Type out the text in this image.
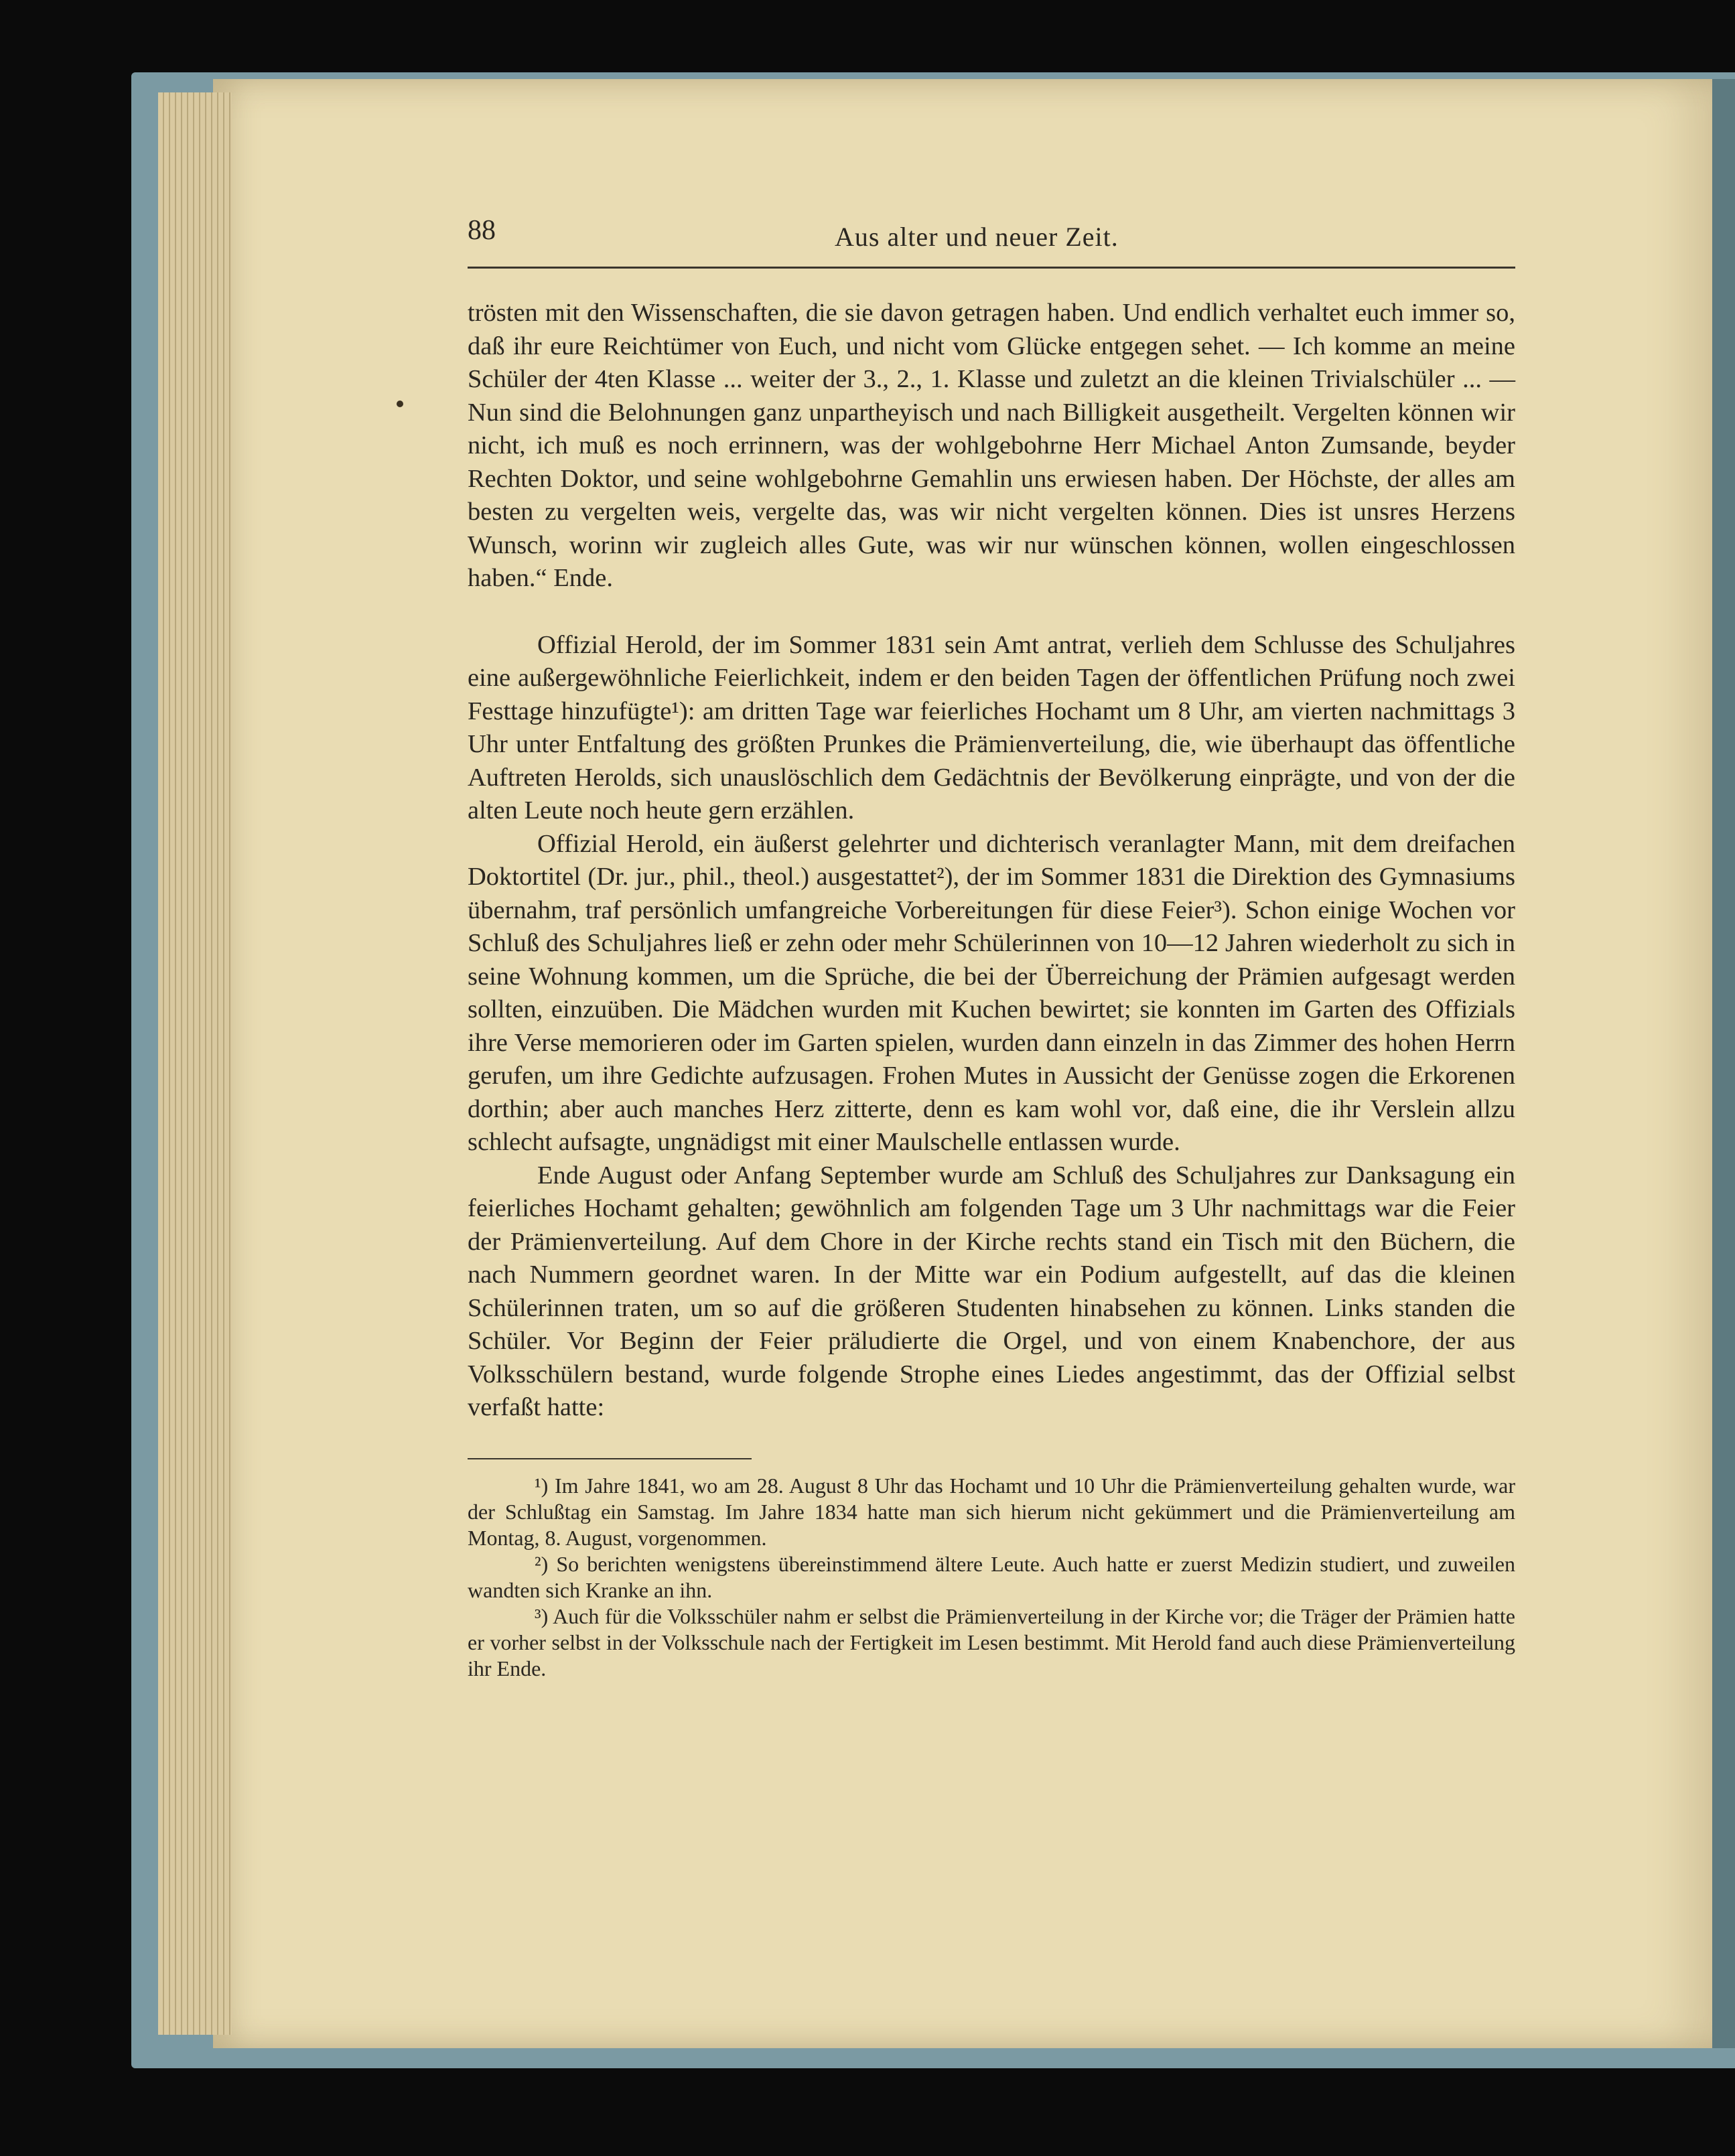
88	Aus alter und neuer Zeit.

trösten mit den Wissenschaften, die sie davon getragen haben. Und endlich verhaltet euch immer so, daß ihr eure Reichtümer von Euch, und nicht vom Glücke entgegen sehet. — Ich komme an meine Schüler der 4ten Klasse ... weiter der 3., 2., 1. Klasse und zuletzt an die kleinen Trivialschüler ... — Nun sind die Belohnungen ganz unpartheyisch und nach Billigkeit ausgetheilt. Vergelten können wir nicht, ich muß es noch errinnern, was der wohlgebohrne Herr Michael Anton Zumsande, beyder Rechten Doktor, und seine wohlgebohrne Gemahlin uns erwiesen haben. Der Höchste, der alles am besten zu vergelten weis, vergelte das, was wir nicht vergelten können. Dies ist unsres Herzens Wunsch, worinn wir zugleich alles Gute, was wir nur wünschen können, wollen eingeschlossen haben.“ Ende.

Offizial Herold, der im Sommer 1831 sein Amt antrat, verlieh dem Schlusse des Schuljahres eine außergewöhnliche Feierlichkeit, indem er den beiden Tagen der öffentlichen Prüfung noch zwei Festtage hinzufügte¹): am dritten Tage war feierliches Hochamt um 8 Uhr, am vierten nachmittags 3 Uhr unter Entfaltung des größten Prunkes die Prämienverteilung, die, wie überhaupt das öffentliche Auftreten Herolds, sich unauslöschlich dem Gedächtnis der Bevölkerung einprägte, und von der die alten Leute noch heute gern erzählen.

Offizial Herold, ein äußerst gelehrter und dichterisch veranlagter Mann, mit dem dreifachen Doktortitel (Dr. jur., phil., theol.) ausgestattet²), der im Sommer 1831 die Direktion des Gymnasiums übernahm, traf persönlich umfangreiche Vorbereitungen für diese Feier³). Schon einige Wochen vor Schluß des Schuljahres ließ er zehn oder mehr Schülerinnen von 10—12 Jahren wiederholt zu sich in seine Wohnung kommen, um die Sprüche, die bei der Überreichung der Prämien aufgesagt werden sollten, einzuüben. Die Mädchen wurden mit Kuchen bewirtet; sie konnten im Garten des Offizials ihre Verse memorieren oder im Garten spielen, wurden dann einzeln in das Zimmer des hohen Herrn gerufen, um ihre Gedichte aufzusagen. Frohen Mutes in Aussicht der Genüsse zogen die Erkorenen dorthin; aber auch manches Herz zitterte, denn es kam wohl vor, daß eine, die ihr Verslein allzu schlecht aufsagte, ungnädigst mit einer Maulschelle entlassen wurde.

Ende August oder Anfang September wurde am Schluß des Schuljahres zur Danksagung ein feierliches Hochamt gehalten; gewöhnlich am folgenden Tage um 3 Uhr nachmittags war die Feier der Prämienverteilung. Auf dem Chore in der Kirche rechts stand ein Tisch mit den Büchern, die nach Nummern geordnet waren. In der Mitte war ein Podium aufgestellt, auf das die kleinen Schülerinnen traten, um so auf die größeren Studenten hinabsehen zu können. Links standen die Schüler. Vor Beginn der Feier präludierte die Orgel, und von einem Knabenchore, der aus Volksschülern bestand, wurde folgende Strophe eines Liedes angestimmt, das der Offizial selbst verfaßt hatte:

¹) Im Jahre 1841, wo am 28. August 8 Uhr das Hochamt und 10 Uhr die Prämienverteilung gehalten wurde, war der Schlußtag ein Samstag. Im Jahre 1834 hatte man sich hierum nicht gekümmert und die Prämienverteilung am Montag, 8. August, vorgenommen.

²) So berichten wenigstens übereinstimmend ältere Leute. Auch hatte er zuerst Medizin studiert, und zuweilen wandten sich Kranke an ihn.

³) Auch für die Volksschüler nahm er selbst die Prämienverteilung in der Kirche vor; die Träger der Prämien hatte er vorher selbst in der Volksschule nach der Fertigkeit im Lesen bestimmt. Mit Herold fand auch diese Prämienverteilung ihr Ende.
